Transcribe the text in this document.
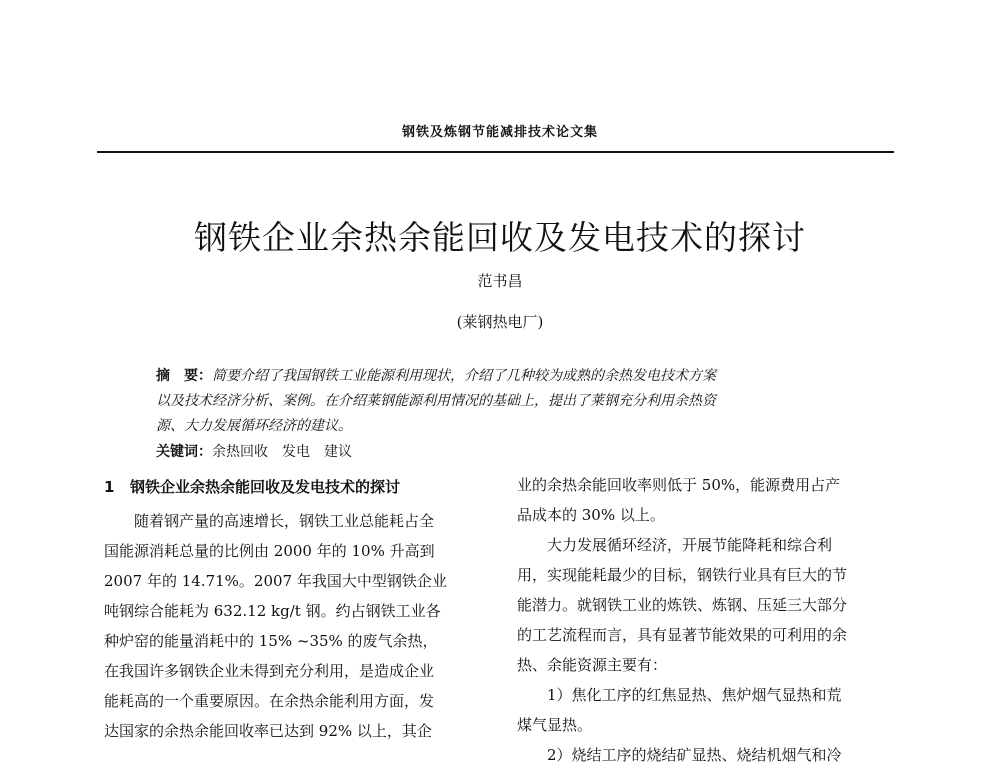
钢铁及炼钢节能减排技术论文集
钢铁企业余热余能回收及发电技术的探讨
范书昌
(莱钢热电厂)
摘　要：简要介绍了我国钢铁工业能源利用现状，介绍了几种较为成熟的余热发电技术方案
以及技术经济分析、案例。在介绍莱钢能源利用情况的基础上，提出了莱钢充分利用余热资
源、大力发展循环经济的建议。
关键词：余热回收　发电　建议
1 钢铁企业余热余能回收及发电技术的探讨
随着钢产量的高速增长，钢铁工业总能耗占全
国能源消耗总量的比例由 2000 年的 10% 升高到
2007 年的 14.71%。2007 年我国大中型钢铁企业
吨钢综合能耗为 632.12 kg/t 钢。约占钢铁工业各
种炉窑的能量消耗中的 15% ~35% 的废气余热，
在我国许多钢铁企业未得到充分利用，是造成企业
能耗高的一个重要原因。在余热余能利用方面，发
达国家的余热余能回收率已达到 92% 以上，其企
业的余热余能回收率则低于 50%，能源费用占产
品成本的 30% 以上。
大力发展循环经济，开展节能降耗和综合利
用，实现能耗最少的目标，钢铁行业具有巨大的节
能潜力。就钢铁工业的炼铁、炼钢、压延三大部分
的工艺流程而言，具有显著节能效果的可利用的余
热、余能资源主要有：
1）焦化工序的红焦显热、焦炉烟气显热和荒
煤气显热。
2）烧结工序的烧结矿显热、烧结机烟气和冷
